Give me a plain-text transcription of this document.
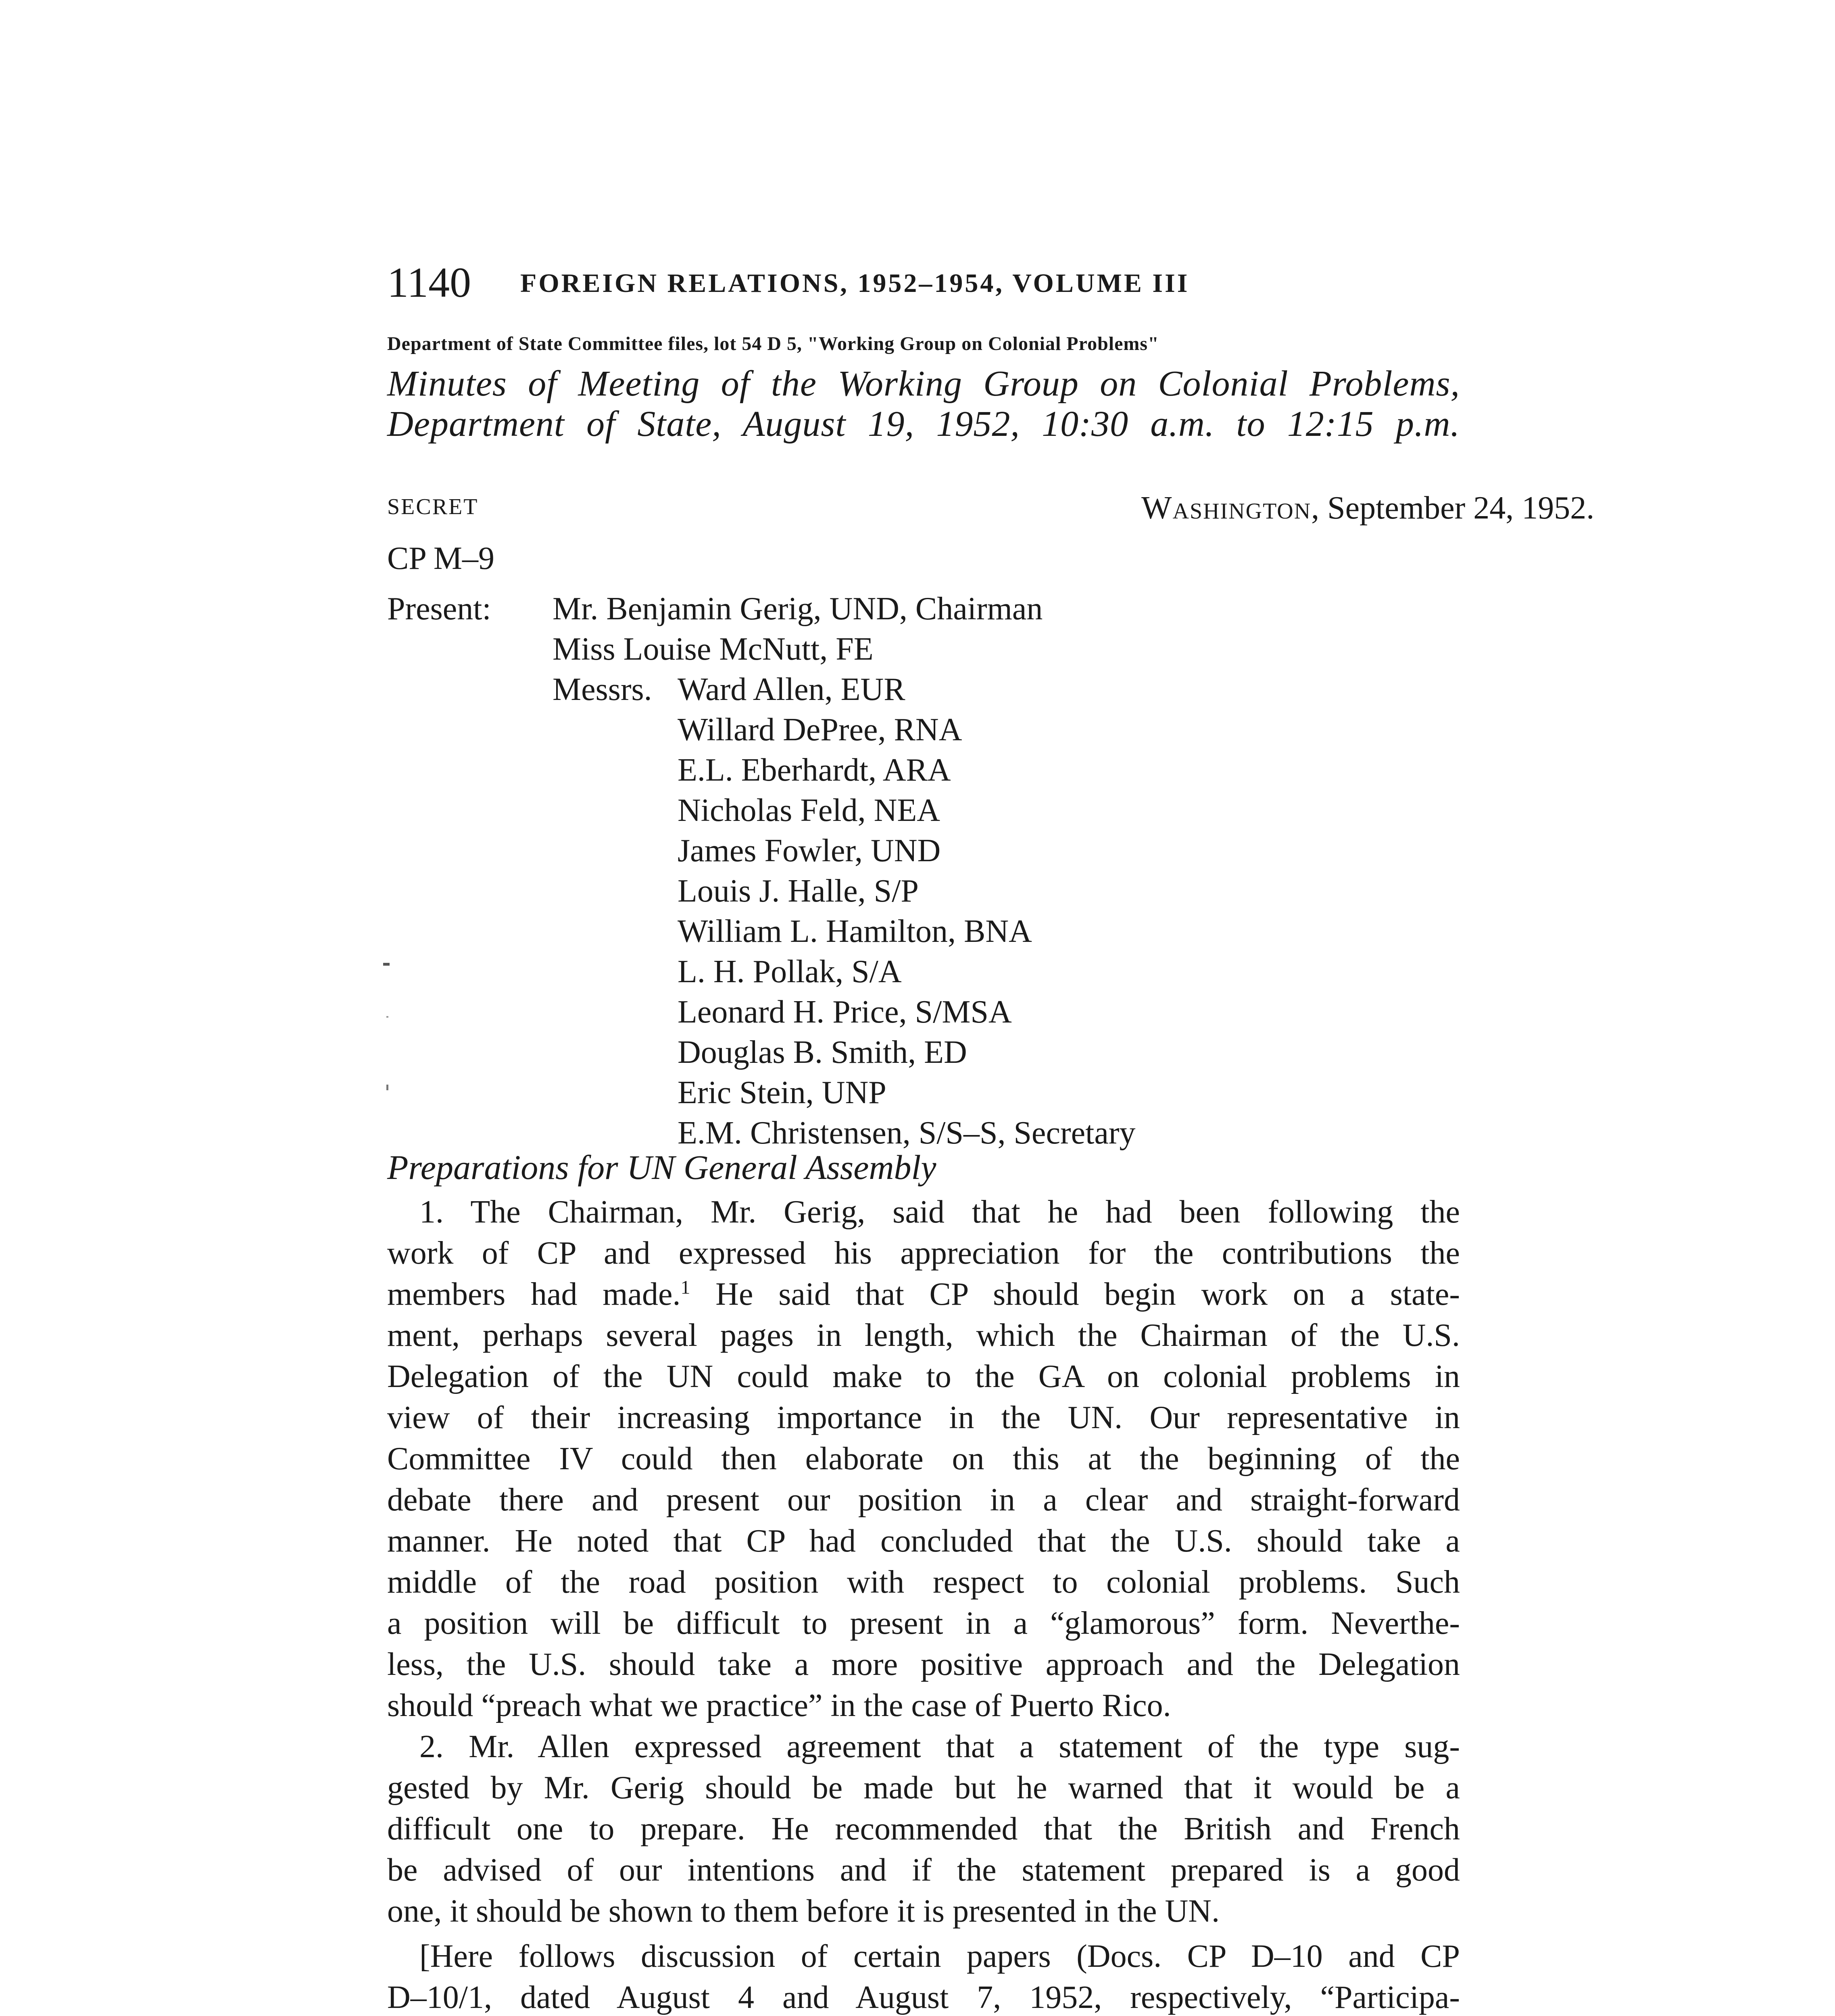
1140 FOREIGN RELATIONS, 1952–1954, VOLUME III
Department of State Committee files, lot 54 D 5, "Working Group on Colonial Problems"
Minutes of Meeting of the Working Group on Colonial Problems,
Department of State, August 19, 1952, 10:30 a.m. to 12:15 p.m.
SECRET	Washington, September 24, 1952.
CP M–9
Present: Mr. Benjamin Gerig, UND, Chairman
Miss Louise McNutt, FE
Messrs. Ward Allen, EUR
Willard DePree, RNA
E.L. Eberhardt, ARA
Nicholas Feld, NEA
James Fowler, UND
Louis J. Halle, S/P
William L. Hamilton, BNA
L. H. Pollak, S/A
Leonard H. Price, S/MSA
Douglas B. Smith, ED
Eric Stein, UNP
E.M. Christensen, S/S–S, Secretary
Preparations for UN General Assembly
1. The Chairman, Mr. Gerig, said that he had been following the
work of CP and expressed his appreciation for the contributions the
members had made.$^1$ He said that CP should begin work on a state-
ment, perhaps several pages in length, which the Chairman of the U.S.
Delegation of the UN could make to the GA on colonial problems in
view of their increasing importance in the UN. Our representative in
Committee IV could then elaborate on this at the beginning of the
debate there and present our position in a clear and straight-forward
manner. He noted that CP had concluded that the U.S. should take a
middle of the road position with respect to colonial problems. Such
a position will be difficult to present in a “glamorous” form. Neverthe-
less, the U.S. should take a more positive approach and the Delegation
should “preach what we practice” in the case of Puerto Rico.
2. Mr. Allen expressed agreement that a statement of the type sug-
gested by Mr. Gerig should be made but he warned that it would be a
difficult one to prepare. He recommended that the British and French
be advised of our intentions and if the statement prepared is a good
one, it should be shown to them before it is presented in the UN.
[Here follows discussion of certain papers (Docs. CP D–10 and CP
D–10/1, dated August 4 and August 7, 1952, respectively, “Participa-
